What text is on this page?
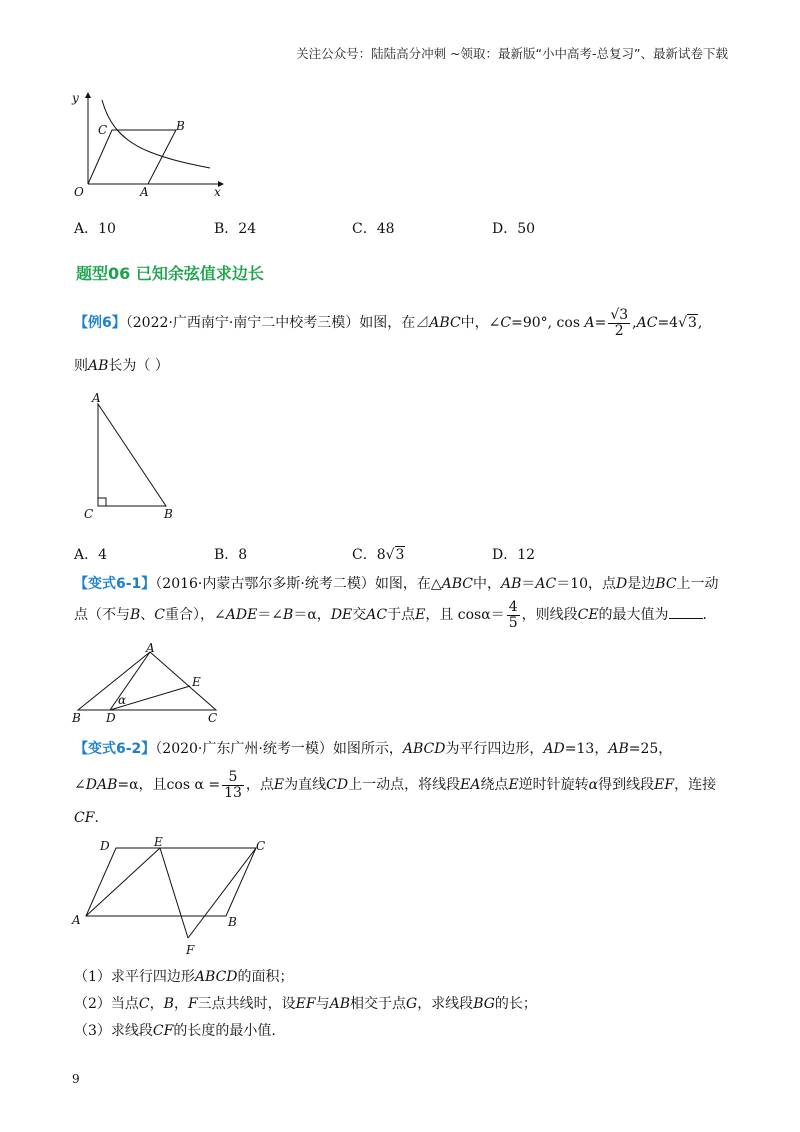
关注公众号：陆陆高分冲刺 ~领取：最新版“小中高考-总复习”、最新试卷下载
y
x
O	A
B
C
A．10	B．24	C．48	D．50
题型06 已知余弦值求边长
【例6】（2022·广西南宁·南宁二中校考三模）如图，在⊿ABC中，∠C=90°, $\cos A= \frac{√3}{2} ,AC=4√3$,
则AB长为（ ）
A
C	B
A．4	B．8	C．8√3	D．12
【变式6-1】（2016·内蒙古鄂尔多斯·统考二模）如图，在△ABC中，AB＝AC＝10，点D是边BC上一动
点（不与B、C重合），∠ADE＝∠B＝α，DE交AC于点E，且 $\cos\alpha= \frac{4}{5}$ ，则线段CE的最大值为 .
A
B D	C
E
α
【变式6-2】（2020·广东广州·统考一模）如图所示，ABCD为平行四边形，AD=13，AB=25，
∠DAB=α，且$\cos \alpha = \frac{5}{13}$ ，点E为直线CD上一动点，将线段EA绕点E逆时针旋转α得到线段EF，连接
CF.
D	E	C
A	B
F
（1）求平行四边形ABCD的面积；
（2）当点C，B，F三点共线时，设EF与AB相交于点G，求线段BG的长；
（3）求线段CF的长度的最小值.
9
